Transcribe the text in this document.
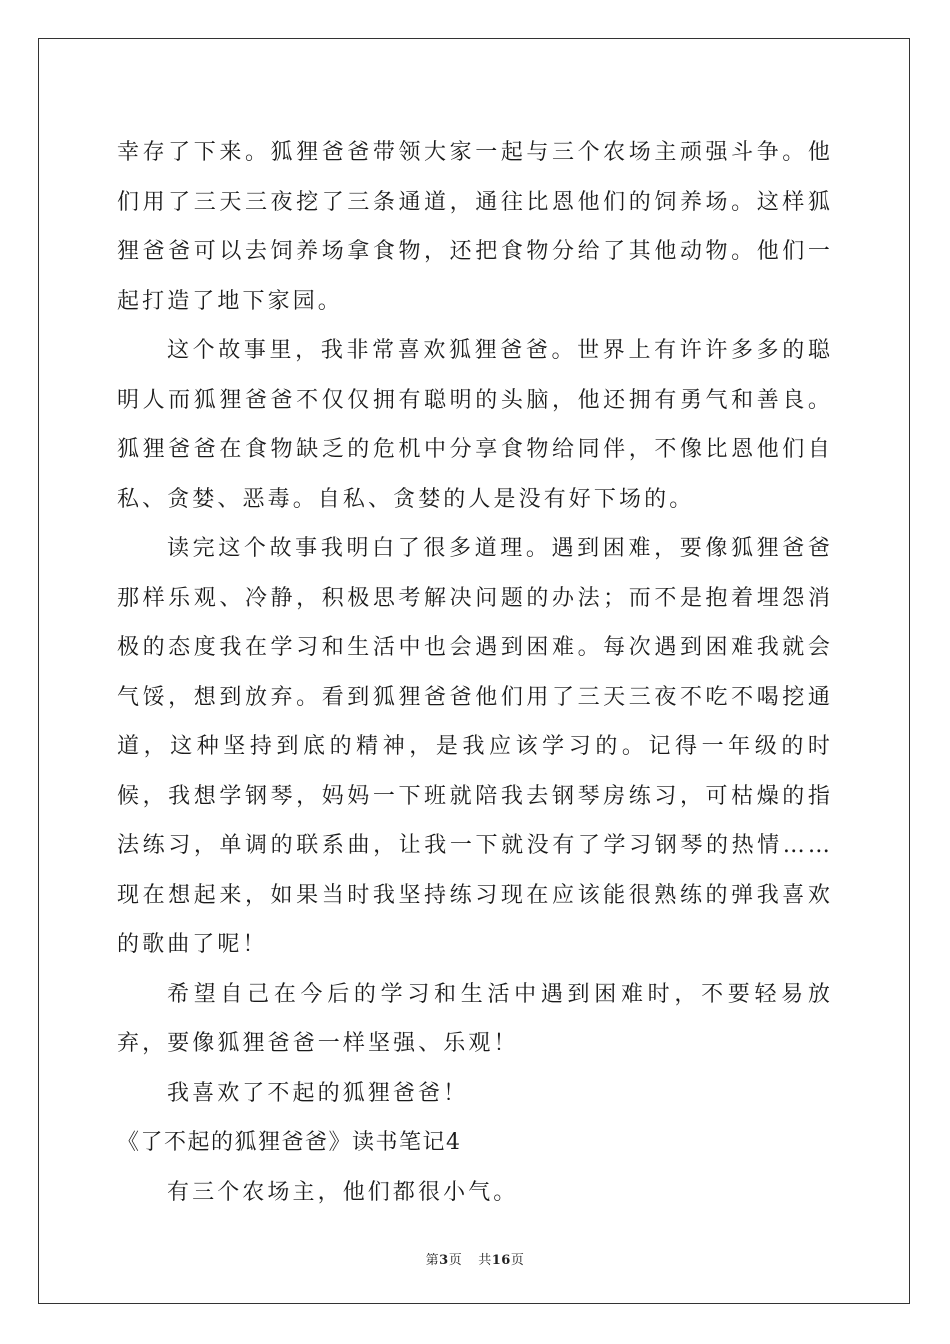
幸存了下来。狐狸爸爸带领大家一起与三个农场主顽强斗争。他们用了三天三夜挖了三条通道，通往比恩他们的饲养场。这样狐狸爸爸可以去饲养场拿食物，还把食物分给了其他动物。他们一起打造了地下家园。

这个故事里，我非常喜欢狐狸爸爸。世界上有许许多多的聪明人而狐狸爸爸不仅仅拥有聪明的头脑，他还拥有勇气和善良。狐狸爸爸在食物缺乏的危机中分享食物给同伴，不像比恩他们自私、贪婪、恶毒。自私、贪婪的人是没有好下场的。

读完这个故事我明白了很多道理。遇到困难，要像狐狸爸爸那样乐观、冷静，积极思考解决问题的办法；而不是抱着埋怨消极的态度我在学习和生活中也会遇到困难。每次遇到困难我就会气馁，想到放弃。看到狐狸爸爸他们用了三天三夜不吃不喝挖通道，这种坚持到底的精神，是我应该学习的。记得一年级的时候，我想学钢琴，妈妈一下班就陪我去钢琴房练习，可枯燥的指法练习，单调的联系曲，让我一下就没有了学习钢琴的热情……现在想起来，如果当时我坚持练习现在应该能很熟练的弹我喜欢的歌曲了呢！

希望自己在今后的学习和生活中遇到困难时，不要轻易放弃，要像狐狸爸爸一样坚强、乐观！

我喜欢了不起的狐狸爸爸！

《了不起的狐狸爸爸》读书笔记4

有三个农场主，他们都很小气。

第3页 共16页
